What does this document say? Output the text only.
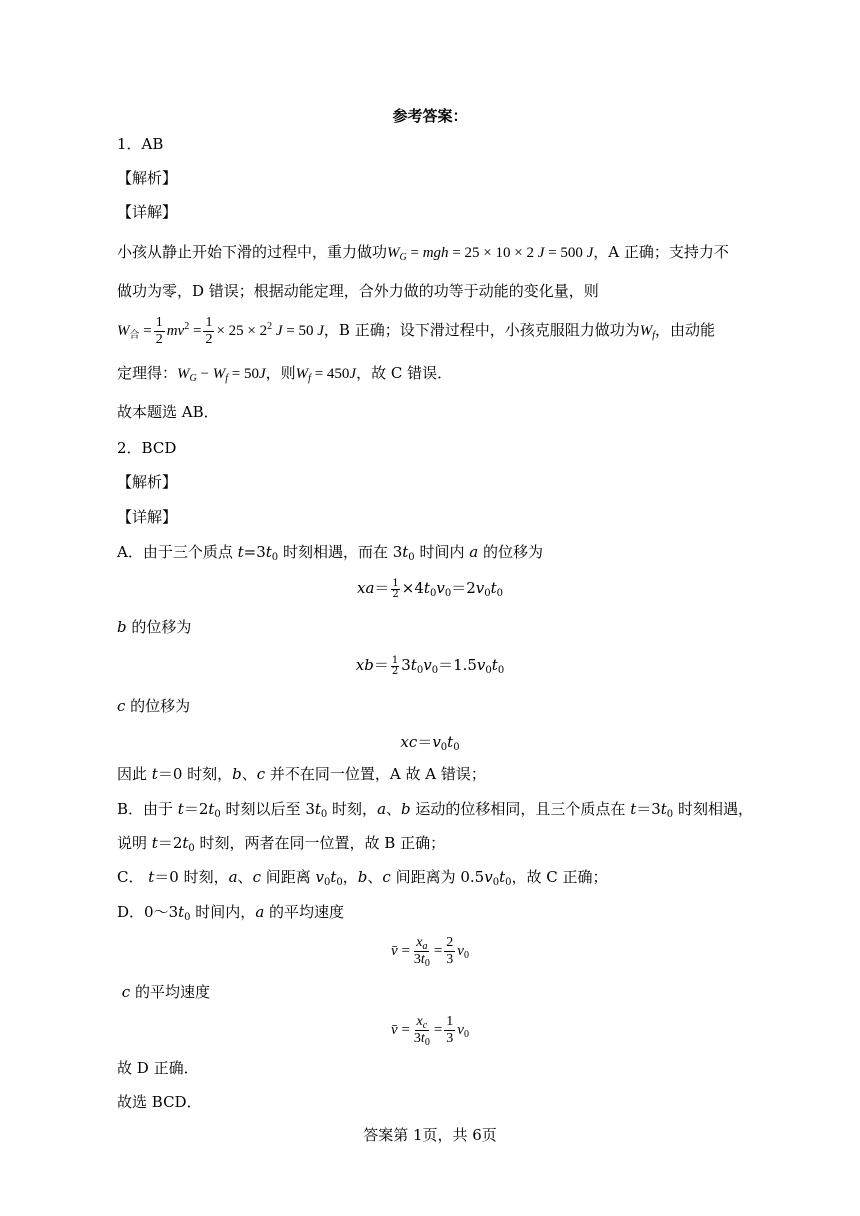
参考答案：
1．AB
【解析】
【详解】
小孩从静止开始下滑的过程中，重力做功$W_G$ = mgh = 25 × 10 × 2 J = 500 J，A 正确；支持力不
做功为零，D 错误；根据动能定理，合外力做的功等于动能的变化量，则
$W_合 = \frac{1}{2} mv^2 = \frac{1}{2} \times 25 \times 2^2$ J = 50 J，B 正确；设下滑过程中，小孩克服阻力做功为$W_f$，由动能
定理得：$W_G - W_f = 50J$，则$W_f = 450J$，故 C 错误．
故本题选 AB．
2．BCD
【解析】
【详解】
A．由于三个质点 $t=3t_0$ 时刻相遇，而在 $3t_0$ 时间内 a 的位移为
$xa= \frac{1}{2} \times 4t_0v_0=2v_0t_0$
b 的位移为
$xb= \frac{1}{2} 3t_0v_0=1.5v_0t_0$
c 的位移为
$xc=v_0t_0$
因此 t＝0 时刻，b、c 并不在同一位置，A 故 A 错误；
B．由于 $t=2t_0$ 时刻以后至 $3t_0$ 时刻，a、b 运动的位移相同，且三个质点在 $t=3t_0$ 时刻相遇，
说明 $t=2t_0$ 时刻，两者在同一位置，故 B 正确；
C． t＝0 时刻，a、c 间距离 $v_0t_0$，b、c 间距离为 $0.5v_0t_0$，故 C 正确；
D．$0\sim 3t_0$ 时间内，a 的平均速度
v̄ = $\frac{x_a}{3t_0} = \frac{2}{3} v_0$
c 的平均速度
v̄ = $\frac{x_c}{3t_0} = \frac{1}{3} v_0$
故 D 正确．
故选 BCD．
答案第 1页，共 6页
